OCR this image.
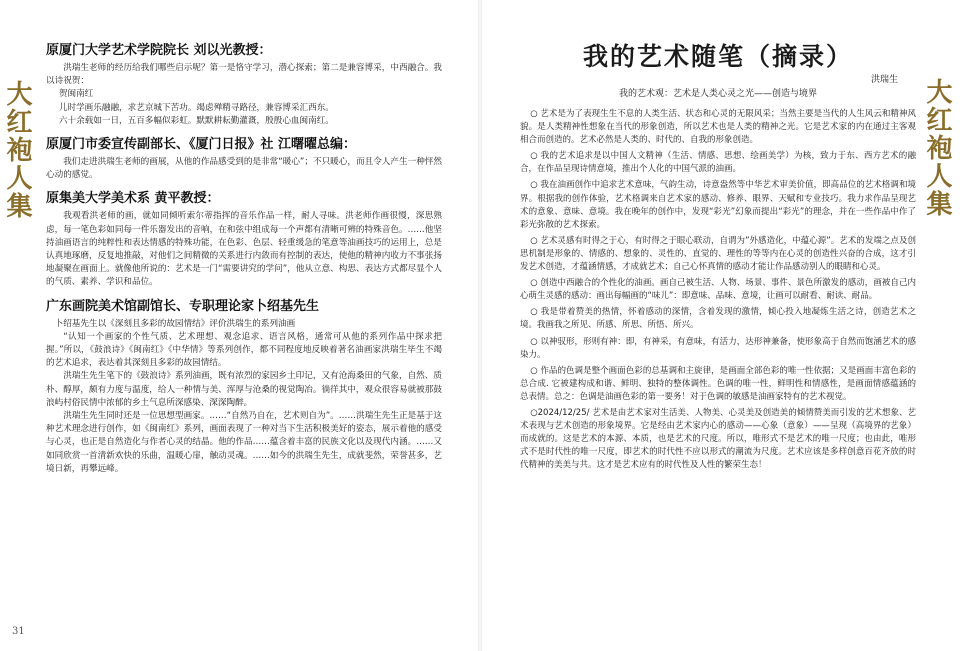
大红袍人集

原厦门大学艺术学院院长 刘以光教授：

洪瑞生老师的经历给我们哪些启示呢？第一是恪守学习，潜心探索；第二是兼容博采，中西融合。我以诗祝贺：

贺闽南红

儿时学画乐融融，求艺京城下苦功。竭虑殚精寻路径，兼容博采汇西东。

六十余载如一日，五百多幅似彩虹。默默耕耘勤灌溉，殷殷心血闽南红。

原厦门市委宣传副部长、《厦门日报》社 江曙曜总编：

我们走进洪瑞生老师的画展，从他的作品感受到的是非常“暖心”；不只暖心，而且令人产生一种怦然心动的感觉。

原集美大学美术系 黄平教授：

我观看洪老师的画，就如同倾听索尔蒂指挥的音乐作品一样，耐人寻味。洪老师作画很慢，深思熟虑，每一笔色彩如同每一件乐器发出的音响，在和弦中组成每一个声都有清晰可辨的特殊音色。……他坚持油画语言的纯粹性和表达情感的特殊功能，在色彩、色层、轻重缓急的笔意等油画技巧的运用上，总是认真地琢磨，反复地推敲，对他们之间精微的关系进行内敛而有控制的表达，使他的精神内收力不事张扬地凝聚在画面上。就像他所说的：艺术是一门“需要讲究的学问”，他从立意、构思、表达方式都尽显个人的气质、素养、学识和品位。

广东画院美术馆副馆长、专职理论家卜绍基先生

卜绍基先生以《深刻且多彩的故园情结》评价洪瑞生的系列油画

“认知一个画家的个性气质、艺术理想、观念追求、语言风格，通常可从他的系列作品中探求把握。”所以，《鼓浪诗》《闽南红》《中华情》等系列创作，都不同程度地反映着著名油画家洪瑞生毕生不竭的艺术追求，表达着其深刻且多彩的故园情结。

洪瑞生先生笔下的《鼓浪诗》系列油画，既有浓烈的家园乡土印记，又有沧海桑田的气象，自然、质朴、醇厚，颇有力度与温度，给人一种情与美、浑厚与沧桑的视觉陶冶。徜徉其中，观众很容易就被那鼓浪屿村俗民情中浓郁的乡土气息所深感染、深深陶醉。

洪瑞生先生同时还是一位思想型画家。……“自然乃自在，艺术则自为”。……洪瑞生先生正是基于这种艺术理念进行创作，如《闽南红》系列，画面表现了一种对当下生活积极美好的姿态，展示着他的感受与心灵，也正是自然造化与作者心灵的结晶。他的作品……蕴含着丰富的民族文化以及现代内涵。……又如同欣赏一首清新欢快的乐曲，温暖心扉，触动灵魂。……如今的洪瑞生先生，成就斐然，荣誉甚多，艺境日新，再攀远峰。

31

我的艺术随笔（摘录）

洪瑞生

我的艺术观：艺术是人类心灵之光——创造与境界

○ 艺术是为了表现生生不息的人类生活、状态和心灵的无限风采；当然主要是当代的人生风云和精神风貌。是人类精神性想象在当代的形象创造，所以艺术也是人类的精神之光。它是艺术家的内在通过主客观相合而创造的。艺术必然是人类的、时代的、自我的形象创造。

○ 我的艺术追求是以中国人文精神（生活、情感、思想、绘画美学）为核，致力于东、西方艺术的融合，在作品呈现诗情意境，推出个人化的中国气派的油画。

○ 我在油画创作中追求艺术意味，气韵生动，诗意盎然等中华艺术审美价值，即高品位的艺术格调和境界。根据我的创作体验，艺术格调来自艺术家的感动、修养、眼界、天赋和专业技巧。我力求作品呈现艺术的意象、意味、意境。我在晚年的创作中，发现“彩光”幻象而提出“彩光”的理念，并在一些作品中作了彩光弥散的艺术探索。

○ 艺术灵感有时得之于心，有时得之于眼心联动，自谓为”外感造化，中蕴心源”。艺术的发端之点及创思机制是形象的、情感的、想象的、灵性的、直觉的、理性的等等内在心灵的创造性兴奋的合成，这才引发艺术创造，才蕴涵情感，才成就艺术；自己心怀真情的感动才能让作品感动别人的眼睛和心灵。

○ 创造中西融合的个性化的油画。画自己被生活、人物、场景、事件、景色所激发的感动，画被自己内心萌生灵感的感动：画出每幅画的“味儿”：即意味、品味、意境，让画可以耐看、耐读、耐品。

○ 我是带着赞美的热情，怀着感动的深情，含着发现的激情，倾心投入地凝炼生活之诗，创造艺术之境。我画我之所见、所感、所思、所悟、所兴。

○ 以神驭形，形则有神：即，有神采，有意味，有活力，达形神兼备，使形象高于自然而饱涵艺术的感染力。

○ 作品的色调是整个画面色彩的总基调和主旋律，是画面全部色彩的唯一性依据；又是画面丰富色彩的总合成. 它被建构成和谐、鲜明、独特的整体调性。色调的唯一性，鲜明性和情感性，是画面情感蕴涵的总表情。总之：色调是油画色彩的第一要务！对于色调的敏感是油画家特有的艺术视觉。

○2024/12/25/ 艺术是由艺术家对生活美、人物美、心灵美及创造美的倾情赞美而引发的艺术想象、艺术表现与艺术创造的形象境界。它是经由艺术家内心的感动——心象（意象）——呈现（高境界的艺象）而成就的。这是艺术的本源、本质，也是艺术的尺度。所以，唯形式不是艺术的唯一尺度；也由此，唯形式不是时代性的唯一尺度，即艺术的时代性不应以形式的潮流为尺度。艺术应该是多样创意百花齐放的时代精神的美美与共。这才是艺术应有的时代性及人性的繁荣生态！

大红袍人集
